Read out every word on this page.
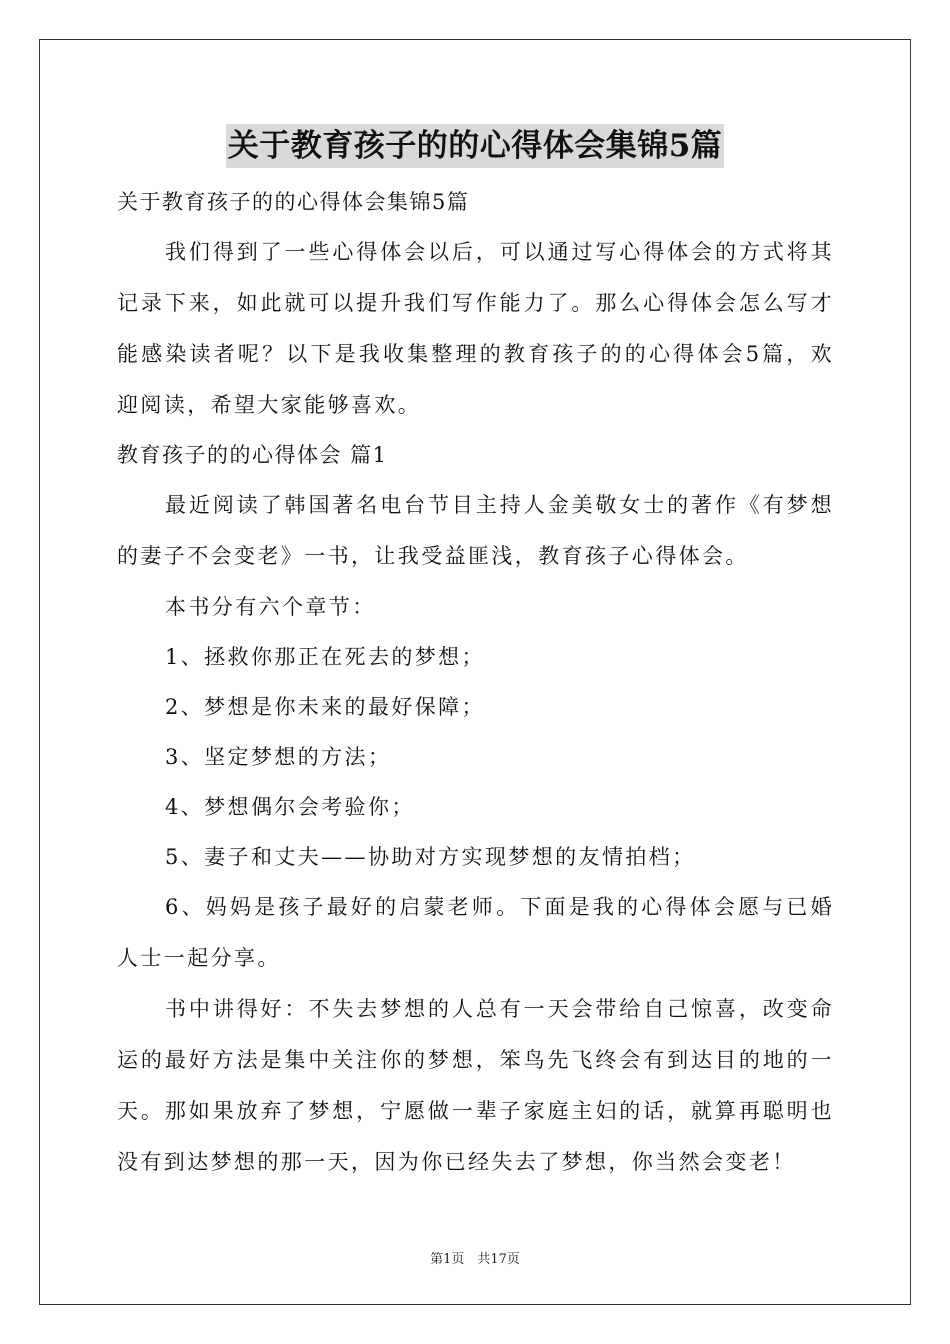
关于教育孩子的的心得体会集锦5篇

关于教育孩子的的心得体会集锦5篇

我们得到了一些心得体会以后，可以通过写心得体会的方式将其记录下来，如此就可以提升我们写作能力了。那么心得体会怎么写才能感染读者呢？以下是我收集整理的教育孩子的的心得体会5篇，欢迎阅读，希望大家能够喜欢。

教育孩子的的心得体会 篇1

最近阅读了韩国著名电台节目主持人金美敬女士的著作《有梦想的妻子不会变老》一书，让我受益匪浅，教育孩子心得体会。

本书分有六个章节：

1、拯救你那正在死去的梦想；

2、梦想是你未来的最好保障；

3、坚定梦想的方法；

4、梦想偶尔会考验你；

5、妻子和丈夫——协助对方实现梦想的友情拍档；

6、妈妈是孩子最好的启蒙老师。下面是我的心得体会愿与已婚人士一起分享。

书中讲得好：不失去梦想的人总有一天会带给自己惊喜，改变命运的最好方法是集中关注你的梦想，笨鸟先飞终会有到达目的地的一天。那如果放弃了梦想，宁愿做一辈子家庭主妇的话，就算再聪明也没有到达梦想的那一天，因为你已经失去了梦想，你当然会变老！

第1页　共17页
